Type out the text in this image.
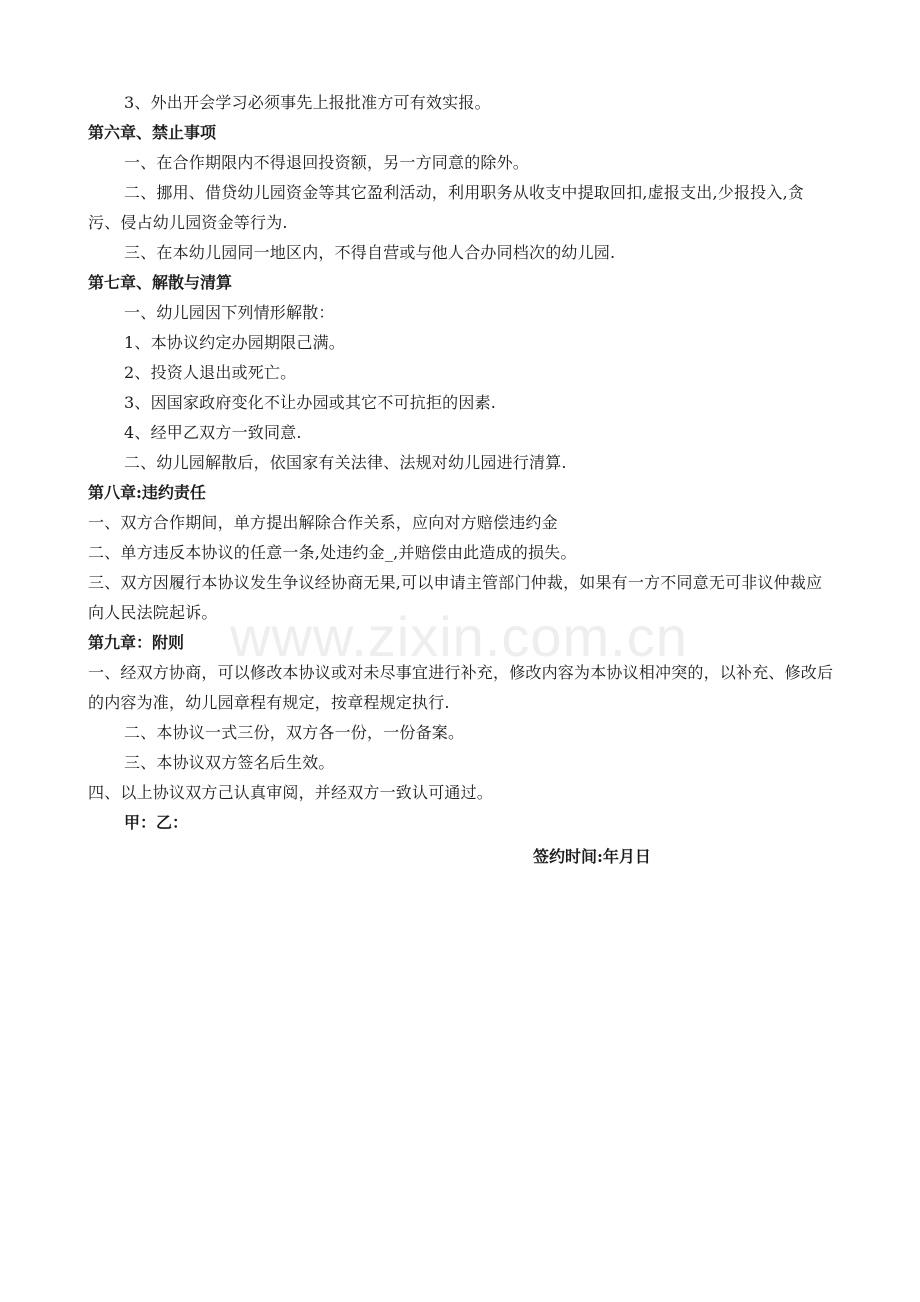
3、外出开会学习必须事先上报批准方可有效实报。

第六章、禁止事项

一、在合作期限内不得退回投资额，另一方同意的除外。

二、挪用、借贷幼儿园资金等其它盈利活动，利用职务从收支中提取回扣,虚报支出,少报投入,贪污、侵占幼儿园资金等行为.

三、在本幼儿园同一地区内，不得自营或与他人合办同档次的幼儿园.

第七章、解散与清算

一、幼儿园因下列情形解散：

1、本协议约定办园期限己满。

2、投资人退出或死亡。

3、因国家政府变化不让办园或其它不可抗拒的因素.

4、经甲乙双方一致同意.

二、幼儿园解散后，依国家有关法律、法规对幼儿园进行清算.

第八章:违约责任

一、双方合作期间，单方提出解除合作关系，应向对方赔偿违约金

二、单方违反本协议的任意一条,处违约金_,并赔偿由此造成的损失。

三、双方因履行本协议发生争议经协商无果,可以申请主管部门仲裁，如果有一方不同意无可非议仲裁应向人民法院起诉。

第九章：附则

一、经双方协商，可以修改本协议或对未尽事宜进行补充，修改内容为本协议相冲突的，以补充、修改后的内容为准，幼儿园章程有规定，按章程规定执行.

二、本协议一式三份，双方各一份，一份备案。

三、本协议双方签名后生效。

四、以上协议双方己认真审阅，并经双方一致认可通过。

甲：乙：

签约时间:年月日

www.zixin.com.cn
